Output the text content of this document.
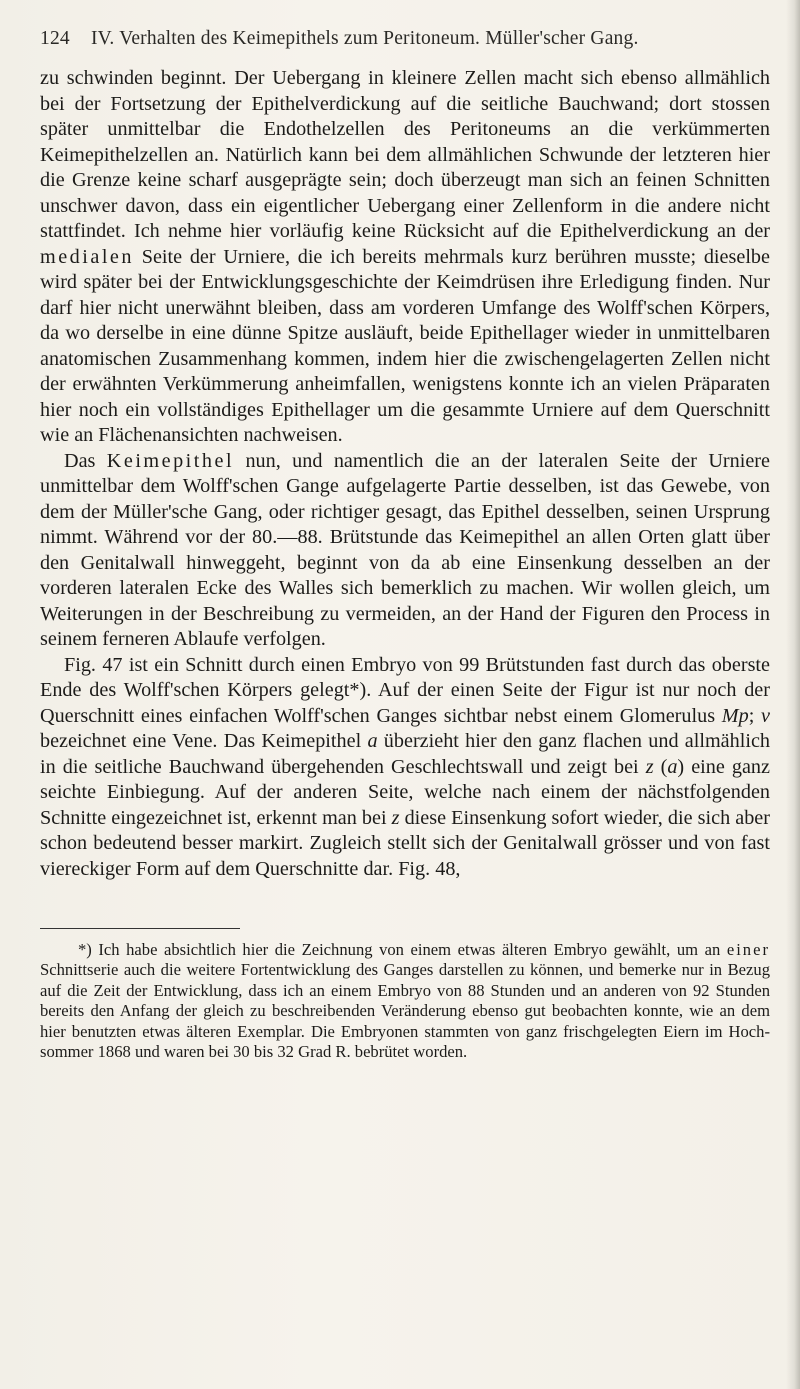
124 IV. Verhalten des Keimepithels zum Peritoneum. Müller'scher Gang.

zu schwinden beginnt. Der Uebergang in kleinere Zellen macht sich ebenso allmählich bei der Fortsetzung der Epithelverdickung auf die seitliche Bauchwand; dort stossen später unmittelbar die Endothelzellen des Peritoneums an die verkümmerten Keimepithelzellen an. Natürlich kann bei dem allmählichen Schwunde der letzteren hier die Grenze keine scharf ausgeprägte sein; doch überzeugt man sich an feinen Schnitten unschwer davon, dass ein eigentlicher Uebergang einer Zellenform in die andere nicht stattfindet. Ich nehme hier vorläufig keine Rücksicht auf die Epithelverdickung an der medialen Seite der Urniere, die ich bereits mehrmals kurz berühren musste; dieselbe wird später bei der Entwicklungsgeschichte der Keimdrüsen ihre Erledigung finden. Nur darf hier nicht unerwähnt bleiben, dass am vorderen Umfange des Wolff'schen Körpers, da wo derselbe in eine dünne Spitze ausläuft, beide Epithellager wieder in unmittelbaren anatomischen Zusammenhang kommen, indem hier die zwischengelagerten Zellen nicht der erwähnten Verkümmerung anheimfallen, wenigstens konnte ich an vielen Präparaten hier noch ein vollständiges Epithellager um die gesammte Urniere auf dem Querschnitt wie an Flächenansichten nachweisen.

Das Keimepithel nun, und namentlich die an der lateralen Seite der Urniere unmittelbar dem Wolff'schen Gange aufgelagerte Partie desselben, ist das Gewebe, von dem der Müller'sche Gang, oder richtiger gesagt, das Epithel desselben, seinen Ursprung nimmt. Während vor der 80.—88. Brütstunde das Keimepithel an allen Orten glatt über den Genitalwall hinweggeht, beginnt von da ab eine Einsenkung desselben an der vorderen lateralen Ecke des Walles sich bemerklich zu machen. Wir wollen gleich, um Weiterungen in der Beschreibung zu vermeiden, an der Hand der Figuren den Process in seinem ferneren Ablaufe verfolgen.

Fig. 47 ist ein Schnitt durch einen Embryo von 99 Brütstunden fast durch das oberste Ende des Wolff'schen Körpers gelegt*). Auf der einen Seite der Figur ist nur noch der Querschnitt eines einfachen Wolff'schen Ganges sichtbar nebst einem Glomerulus Mp; v bezeichnet eine Vene. Das Keimepithel a überzieht hier den ganz flachen und allmählich in die seitliche Bauchwand übergehenden Geschlechtswall und zeigt bei z (a) eine ganz seichte Einbiegung. Auf der anderen Seite, welche nach einem der nächstfolgenden Schnitte eingezeichnet ist, erkennt man bei z diese Einsenkung sofort wieder, die sich aber schon bedeutend besser markirt. Zugleich stellt sich der Genitalwall grösser und von fast viereckiger Form auf dem Querschnitte dar. Fig. 48,

*) Ich habe absichtlich hier die Zeichnung von einem etwas älteren Embryo gewählt, um an einer Schnittserie auch die weitere Fortentwicklung des Ganges darstellen zu können, und bemerke nur in Bezug auf die Zeit der Entwicklung, dass ich an einem Embryo von 88 Stunden und an anderen von 92 Stunden bereits den Anfang der gleich zu beschreibenden Veränderung ebenso gut beobachten konnte, wie an dem hier benutzten etwas älteren Exemplar. Die Embryonen stammten von ganz frischgelegten Eiern im Hochsommer 1868 und waren bei 30 bis 32 Grad R. bebrütet worden.
